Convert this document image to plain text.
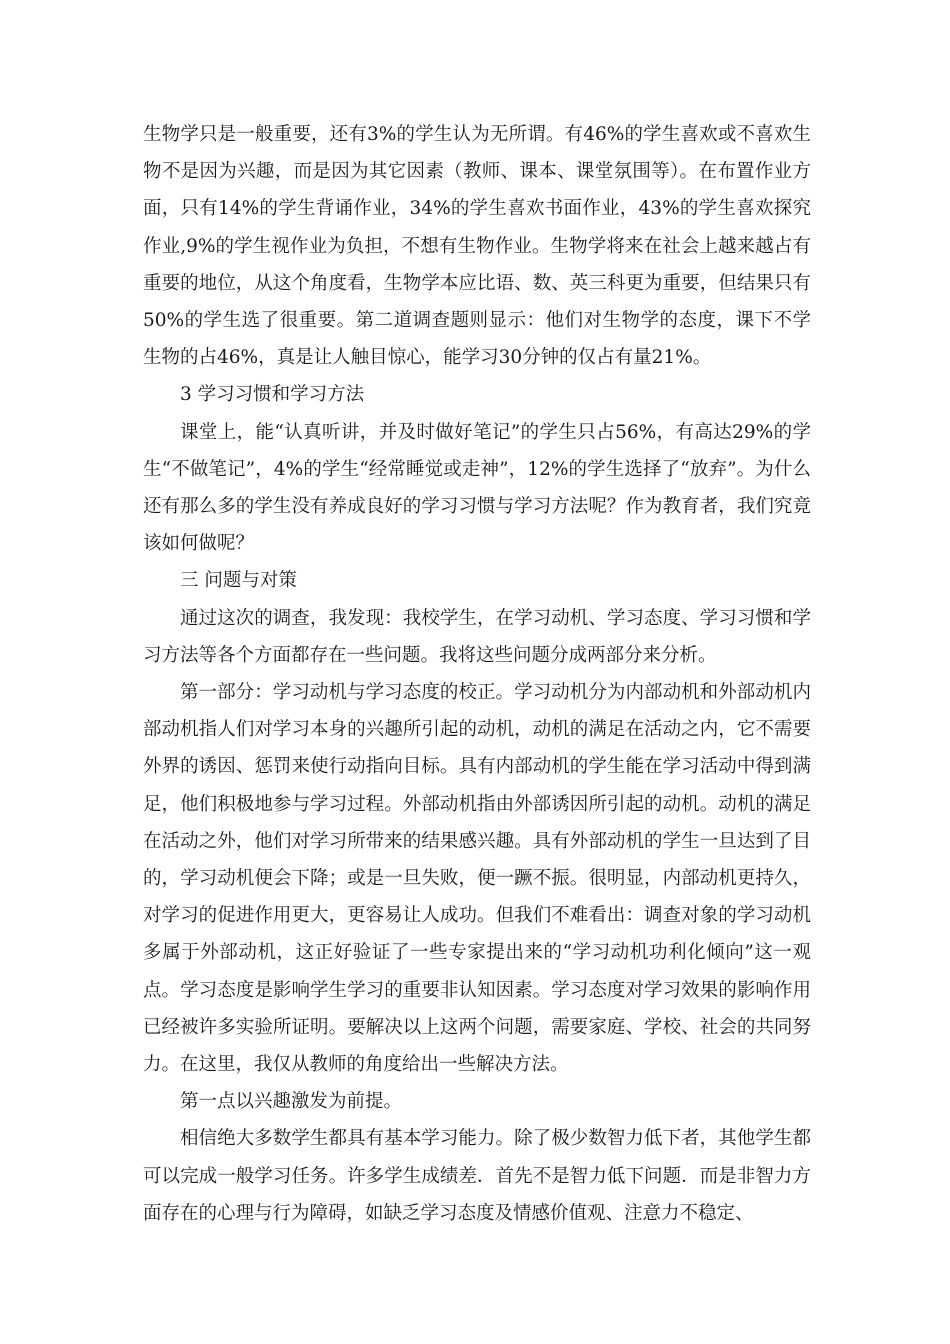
生物学只是一般重要，还有3%的学生认为无所谓。有46%的学生喜欢或不喜欢生物不是因为兴趣，而是因为其它因素（教师、课本、课堂氛围等）。在布置作业方面，只有14%的学生背诵作业，34%的学生喜欢书面作业，43%的学生喜欢探究作业,9%的学生视作业为负担，不想有生物作业。生物学将来在社会上越来越占有重要的地位，从这个角度看，生物学本应比语、数、英三科更为重要，但结果只有50%的学生选了很重要。第二道调查题则显示：他们对生物学的态度，课下不学生物的占46%，真是让人触目惊心，能学习30分钟的仅占有量21%。

3 学习习惯和学习方法

课堂上，能“认真听讲，并及时做好笔记”的学生只占56%，有高达29%的学生“不做笔记”，4%的学生“经常睡觉或走神”，12%的学生选择了“放弃”。为什么还有那么多的学生没有养成良好的学习习惯与学习方法呢？作为教育者，我们究竟该如何做呢？

三 问题与对策

通过这次的调查，我发现：我校学生，在学习动机、学习态度、学习习惯和学习方法等各个方面都存在一些问题。我将这些问题分成两部分来分析。

第一部分：学习动机与学习态度的校正。学习动机分为内部动机和外部动机内部动机指人们对学习本身的兴趣所引起的动机，动机的满足在活动之内，它不需要外界的诱因、惩罚来使行动指向目标。具有内部动机的学生能在学习活动中得到满足，他们积极地参与学习过程。外部动机指由外部诱因所引起的动机。动机的满足在活动之外，他们对学习所带来的结果感兴趣。具有外部动机的学生一旦达到了目的，学习动机便会下降；或是一旦失败，便一蹶不振。很明显，内部动机更持久，对学习的促进作用更大，更容易让人成功。但我们不难看出：调查对象的学习动机多属于外部动机，这正好验证了一些专家提出来的“学习动机功利化倾向”这一观点。学习态度是影响学生学习的重要非认知因素。学习态度对学习效果的影响作用已经被许多实验所证明。要解决以上这两个问题，需要家庭、学校、社会的共同努力。在这里，我仅从教师的角度给出一些解决方法。

第一点以兴趣激发为前提。

相信绝大多数学生都具有基本学习能力。除了极少数智力低下者，其他学生都可以完成一般学习任务。许多学生成绩差．首先不是智力低下问题．而是非智力方面存在的心理与行为障碍，如缺乏学习态度及情感价值观、注意力不稳定、
